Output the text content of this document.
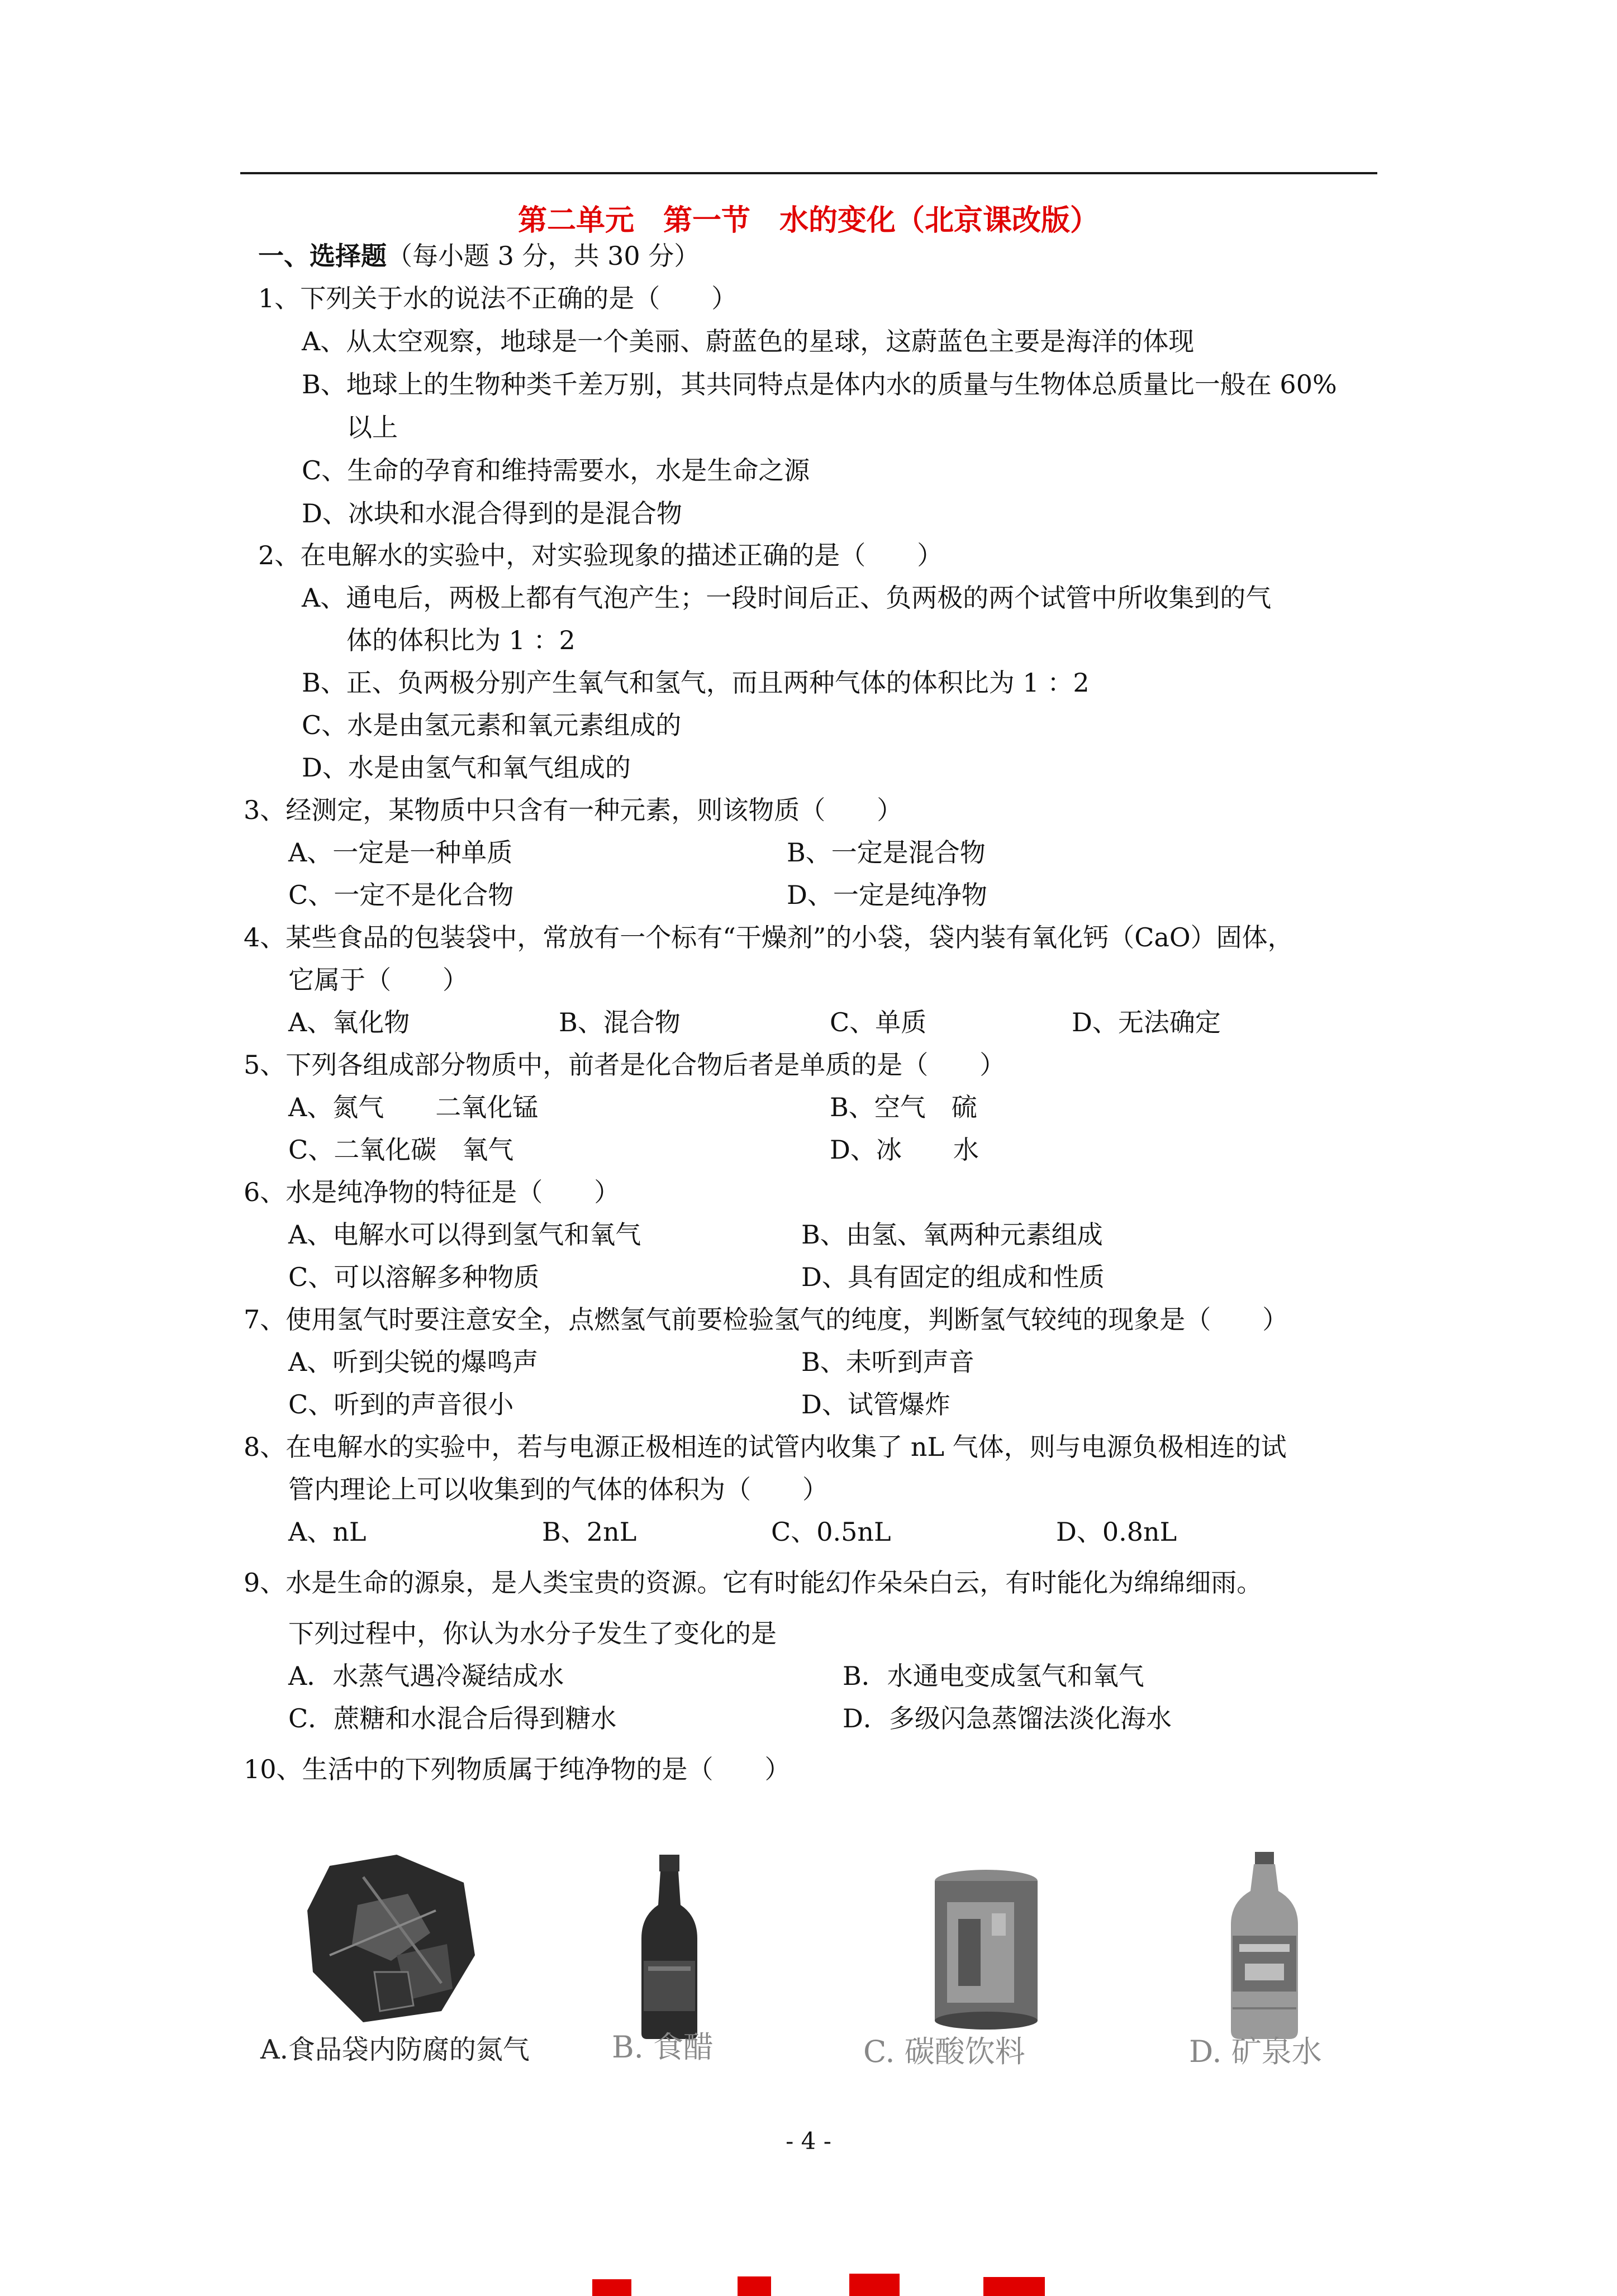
第二单元　第一节　水的变化（北京课改版）
一、选择题（每小题 3 分，共 30 分）
1、下列关于水的说法不正确的是（　　）
A、从太空观察，地球是一个美丽、蔚蓝色的星球，这蔚蓝色主要是海洋的体现
B、地球上的生物种类千差万别，其共同特点是体内水的质量与生物体总质量比一般在 60%
以上
C、生命的孕育和维持需要水，水是生命之源
D、冰块和水混合得到的是混合物
2、在电解水的实验中，对实验现象的描述正确的是（　　）
A、通电后，两极上都有气泡产生；一段时间后正、负两极的两个试管中所收集到的气
体的体积比为 1 ：2
B、正、负两极分别产生氧气和氢气，而且两种气体的体积比为 1 ：2
C、水是由氢元素和氧元素组成的
D、水是由氢气和氧气组成的
3、经测定，某物质中只含有一种元素，则该物质（　　）
A、一定是一种单质	B、一定是混合物
C、一定不是化合物	D、一定是纯净物
4、某些食品的包装袋中，常放有一个标有“干燥剂”的小袋，袋内装有氧化钙（CaO）固体，
它属于（　　）
A、氧化物	B、混合物	C、单质	D、无法确定
5、下列各组成部分物质中，前者是化合物后者是单质的是（　　）
A、氮气　　二氧化锰	B、空气　硫
C、二氧化碳　氧气	D、冰　　水
6、水是纯净物的特征是（　　）
A、电解水可以得到氢气和氧气	B、由氢、氧两种元素组成
C、可以溶解多种物质	D、具有固定的组成和性质
7、使用氢气时要注意安全，点燃氢气前要检验氢气的纯度，判断氢气较纯的现象是（　　）
A、听到尖锐的爆鸣声	B、未听到声音
C、听到的声音很小	D、试管爆炸
8、在电解水的实验中，若与电源正极相连的试管内收集了 nL 气体，则与电源负极相连的试
管内理论上可以收集到的气体的体积为（　　）
A、nL	B、2nL	C、0.5nL	D、0.8nL
9、水是生命的源泉，是人类宝贵的资源。它有时能幻作朵朵白云，有时能化为绵绵细雨。
下列过程中，你认为水分子发生了变化的是
A．水蒸气遇冷凝结成水	B．水通电变成氢气和氧气
C．蔗糖和水混合后得到糖水	D．多级闪急蒸馏法淡化海水
10、生活中的下列物质属于纯净物的是（　　）
A.食品袋内防腐的氮气	B. 食醋	C. 碳酸饮料	D. 矿泉水
- 4 -
